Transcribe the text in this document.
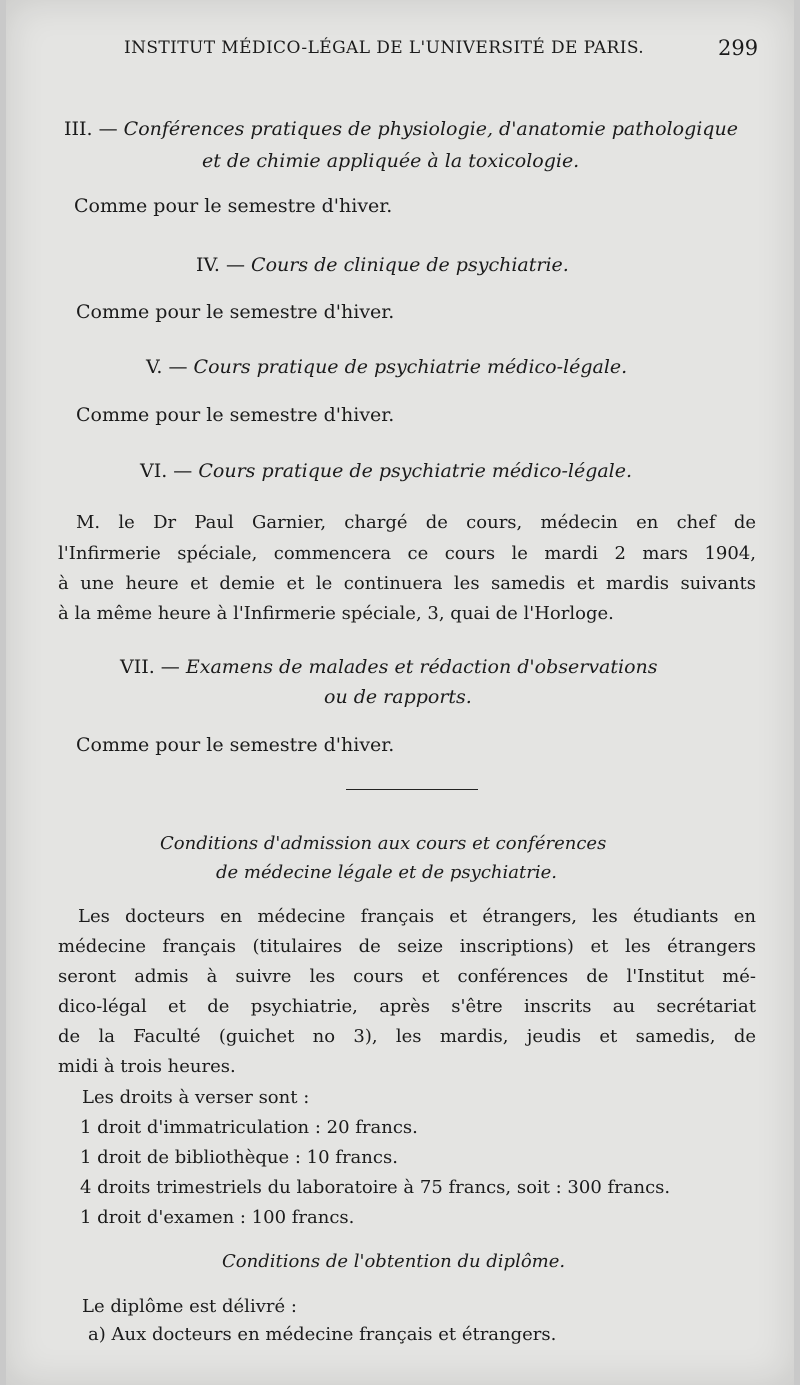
INSTITUT MÉDICO-LÉGAL DE L'UNIVERSITÉ DE PARIS.	299
III. — Conférences pratiques de physiologie, d'anatomie pathologique
et de chimie appliquée à la toxicologie.
Comme pour le semestre d'hiver.
IV. — Cours de clinique de psychiatrie.
Comme pour le semestre d'hiver.
V. — Cours pratique de psychiatrie médico-légale.
Comme pour le semestre d'hiver.
VI. — Cours pratique de psychiatrie médico-légale.
M. le Dr Paul Garnier, chargé de cours, médecin en chef de
l'Infirmerie spéciale, commencera ce cours le mardi 2 mars 1904,
à une heure et demie et le continuera les samedis et mardis suivants
à la même heure à l'Infirmerie spéciale, 3, quai de l'Horloge.
VII. — Examens de malades et rédaction d'observations
ou de rapports.
Comme pour le semestre d'hiver.
Conditions d'admission aux cours et conférences
de médecine légale et de psychiatrie.
Les docteurs en médecine français et étrangers, les étudiants en
médecine français (titulaires de seize inscriptions) et les étrangers
seront admis à suivre les cours et conférences de l'Institut mé-
dico-légal et de psychiatrie, après s'être inscrits au secrétariat
de la Faculté (guichet no 3), les mardis, jeudis et samedis, de
midi à trois heures.
Les droits à verser sont :
1 droit d'immatriculation : 20 francs.
1 droit de bibliothèque : 10 francs.
4 droits trimestriels du laboratoire à 75 francs, soit : 300 francs.
1 droit d'examen : 100 francs.
Conditions de l'obtention du diplôme.
Le diplôme est délivré :
a) Aux docteurs en médecine français et étrangers.
